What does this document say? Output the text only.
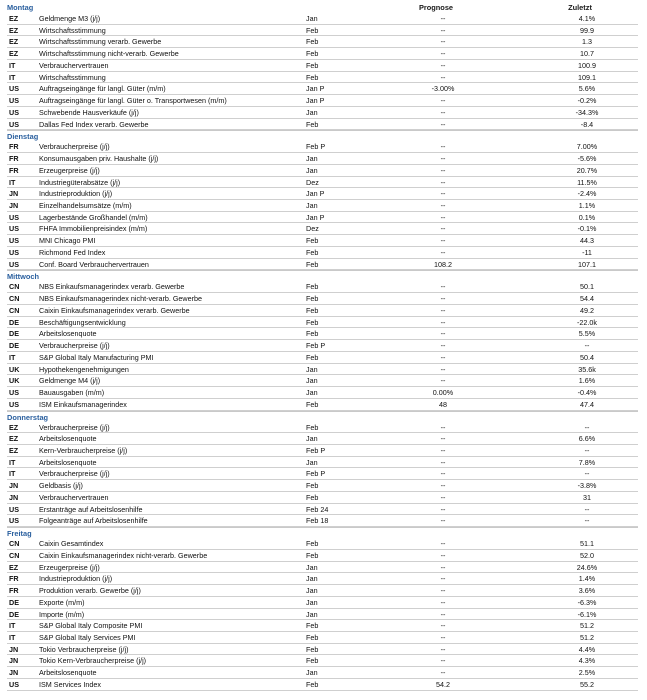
Montag	Prognose	Zuletzt
EZ	Geldmenge M3 (j/j)	Jan	--	4.1%
EZ	Wirtschaftsstimmung	Feb	--	99.9
EZ	Wirtschaftsstimmung verarb. Gewerbe	Feb	--	1.3
EZ	Wirtschaftsstimmung nicht-verarb. Gewerbe	Feb	--	10.7
IT	Verbrauchervertrauen	Feb	--	100.9
IT	Wirtschaftsstimmung	Feb	--	109.1
US	Auftragseingänge für langl. Güter (m/m)	Jan P	-3.00%	5.6%
US	Auftragseingänge für langl. Güter o. Transportwesen (m/m)	Jan P	--	-0.2%
US	Schwebende Hausverkäufe (j/j)	Jan	--	-34.3%
US	Dallas Fed Index verarb. Gewerbe	Feb	--	-8.4
Dienstag
FR	Verbraucherpreise (j/j)	Feb P	--	7.00%
FR	Konsumausgaben priv. Haushalte (j/j)	Jan	--	-5.6%
FR	Erzeugerpreise (j/j)	Jan	--	20.7%
IT	Industriegüterabsätze (j/j)	Dez	--	11.5%
JN	Industrieproduktion (j/j)	Jan P	--	-2.4%
JN	Einzelhandelsumsätze (m/m)	Jan	--	1.1%
US	Lagerbestände Großhandel (m/m)	Jan P	--	0.1%
US	FHFA Immobilienpreisindex (m/m)	Dez	--	-0.1%
US	MNI Chicago PMI	Feb	--	44.3
US	Richmond Fed Index	Feb	--	-11
US	Conf. Board Verbrauchervertrauen	Feb	108.2	107.1
Mittwoch
CN	NBS Einkaufsmanagerindex verarb. Gewerbe	Feb	--	50.1
CN	NBS Einkaufsmanagerindex nicht-verarb. Gewerbe	Feb	--	54.4
CN	Caixin Einkaufsmanagerindex verarb. Gewerbe	Feb	--	49.2
DE	Beschäftigungsentwicklung	Feb	--	-22.0k
DE	Arbeitslosenquote	Feb	--	5.5%
DE	Verbraucherpreise (j/j)	Feb P	--	--
IT	S&P Global Italy Manufacturing PMI	Feb	--	50.4
UK	Hypothekengenehmigungen	Jan	--	35.6k
UK	Geldmenge M4 (j/j)	Jan	--	1.6%
US	Bauausgaben (m/m)	Jan	0.00%	-0.4%
US	ISM Einkaufsmanagerindex	Feb	48	47.4
Donnerstag
EZ	Verbraucherpreise (j/j)	Feb	--	--
EZ	Arbeitslosenquote	Jan	--	6.6%
EZ	Kern-Verbraucherpreise (j/j)	Feb P	--	--
IT	Arbeitslosenquote	Jan	--	7.8%
IT	Verbraucherpreise (j/j)	Feb P	--	--
JN	Geldbasis (j/j)	Feb	--	-3.8%
JN	Verbrauchervertrauen	Feb	--	31
US	Erstanträge auf Arbeitslosenhilfe	Feb 24	--	--
US	Folgeanträge auf Arbeitslosenhilfe	Feb 18	--	--
Freitag
CN	Caixin Gesamtindex	Feb	--	51.1
CN	Caixin Einkaufsmanagerindex nicht-verarb. Gewerbe	Feb	--	52.0
EZ	Erzeugerpreise (j/j)	Jan	--	24.6%
FR	Industrieproduktion (j/j)	Jan	--	1.4%
FR	Produktion verarb. Gewerbe (j/j)	Jan	--	3.6%
DE	Exporte (m/m)	Jan	--	-6.3%
DE	Importe (m/m)	Jan	--	-6.1%
IT	S&P Global Italy Composite PMI	Feb	--	51.2
IT	S&P Global Italy Services PMI	Feb	--	51.2
JN	Tokio Verbraucherpreise (j/j)	Feb	--	4.4%
JN	Tokio Kern-Verbraucherpreise (j/j)	Feb	--	4.3%
JN	Arbeitslosenquote	Jan	--	2.5%
US	ISM Services Index	Feb	54.2	55.2
